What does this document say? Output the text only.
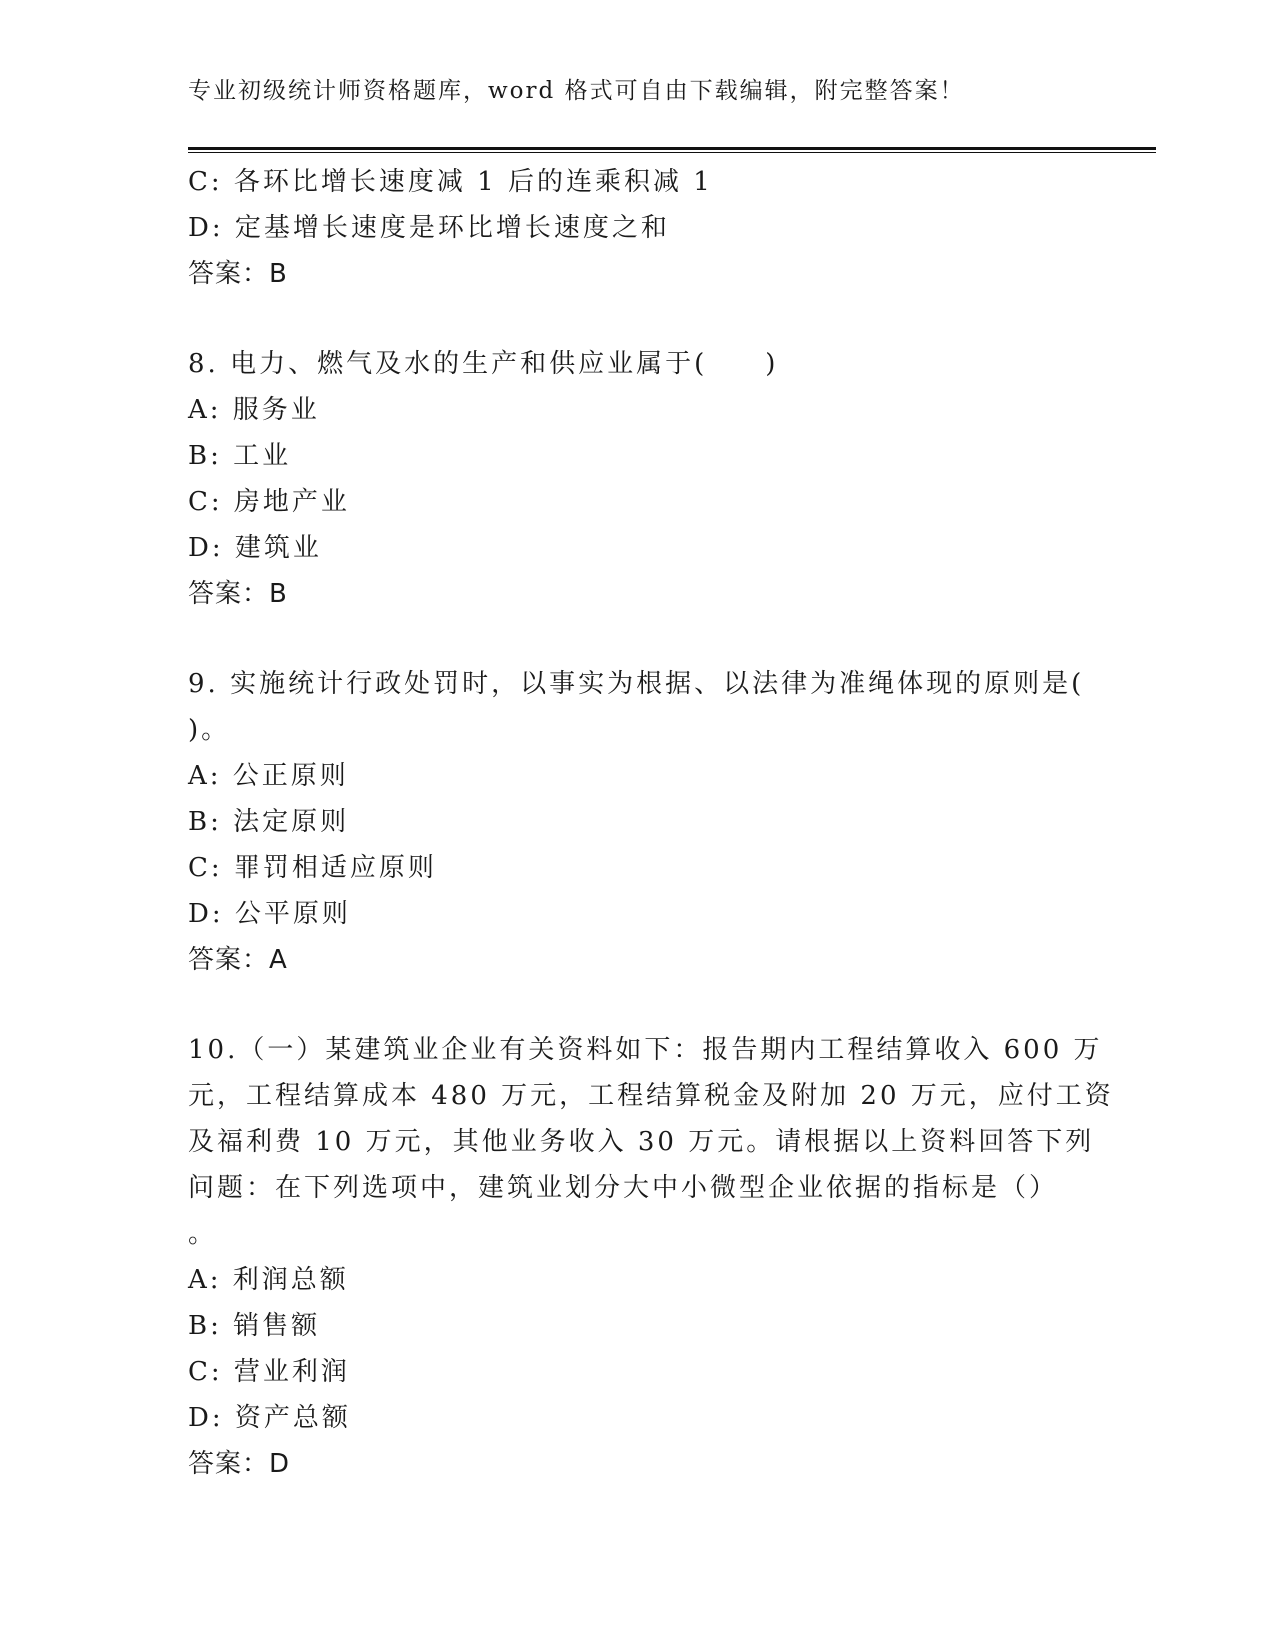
专业初级统计师资格题库，word 格式可自由下载编辑，附完整答案！
C: 各环比增长速度减 1 后的连乘积减 1
D: 定基增长速度是环比增长速度之和
答案：B
8. 电力、燃气及水的生产和供应业属于(　　)
A: 服务业
B: 工业
C: 房地产业
D: 建筑业
答案：B
9. 实施统计行政处罚时，以事实为根据、以法律为准绳体现的原则是(
)。
A: 公正原则
B: 法定原则
C: 罪罚相适应原则
D: 公平原则
答案：A
10.（一）某建筑业企业有关资料如下：报告期内工程结算收入 600 万
元，工程结算成本 480 万元，工程结算税金及附加 20 万元，应付工资
及福利费 10 万元，其他业务收入 30 万元。请根据以上资料回答下列
问题：在下列选项中，建筑业划分大中小微型企业依据的指标是（）
。
A: 利润总额
B: 销售额
C: 营业利润
D: 资产总额
答案：D
